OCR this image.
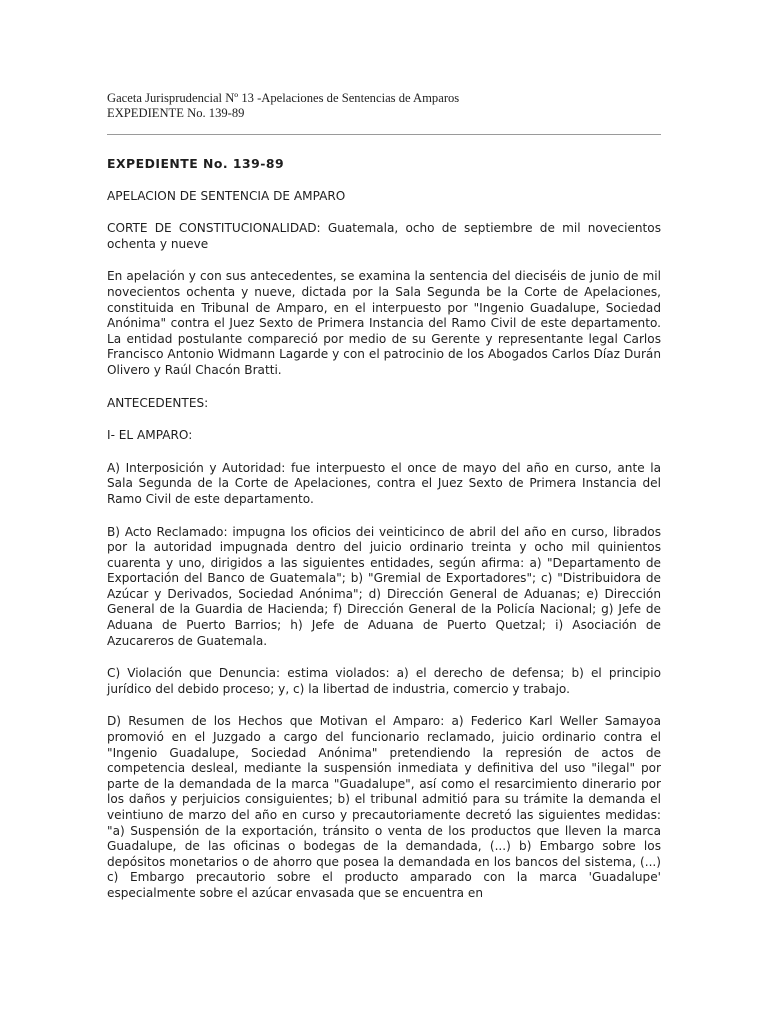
Gaceta Jurisprudencial Nº 13 -Apelaciones de Sentencias de Amparos
EXPEDIENTE No. 139-89

EXPEDIENTE No. 139-89

APELACION DE SENTENCIA DE AMPARO

CORTE DE CONSTITUCIONALIDAD: Guatemala, ocho de septiembre de mil novecientos ochenta y nueve

En apelación y con sus antecedentes, se examina la sentencia del dieciséis de junio de mil novecientos ochenta y nueve, dictada por la Sala Segunda be la Corte de Apelaciones, constituida en Tribunal de Amparo, en el interpuesto por "Ingenio Guadalupe, Sociedad Anónima" contra el Juez Sexto de Primera Instancia del Ramo Civil de este departamento. La entidad postulante compareció por medio de su Gerente y representante legal Carlos Francisco Antonio Widmann Lagarde y con el patrocinio de los Abogados Carlos Díaz Durán Olivero y Raúl Chacón Bratti.

ANTECEDENTES:

I- EL AMPARO:

A) Interposición y Autoridad: fue interpuesto el once de mayo del año en curso, ante la Sala Segunda de la Corte de Apelaciones, contra el Juez Sexto de Primera Instancia del Ramo Civil de este departamento.

B) Acto Reclamado: impugna los oficios dei veinticinco de abril del año en curso, librados por la autoridad impugnada dentro del juicio ordinario treinta y ocho mil quinientos cuarenta y uno, dirigidos a las siguientes entidades, según afirma: a) "Departamento de Exportación del Banco de Guatemala"; b) "Gremial de Exportadores"; c) "Distribuidora de Azúcar y Derivados, Sociedad Anónima"; d) Dirección General de Aduanas; e) Dirección General de la Guardia de Hacienda; f) Dirección General de la Policía Nacional; g) Jefe de Aduana de Puerto Barrios; h) Jefe de Aduana de Puerto Quetzal; i) Asociación de Azucareros de Guatemala.

C) Violación que Denuncia: estima violados: a) el derecho de defensa; b) el principio jurídico del debido proceso; y, c) la libertad de industria, comercio y trabajo.

D) Resumen de los Hechos que Motivan el Amparo: a) Federico Karl Weller Samayoa promovió en el Juzgado a cargo del funcionario reclamado, juicio ordinario contra el "Ingenio Guadalupe, Sociedad Anónima" pretendiendo la represión de actos de competencia desleal, mediante la suspensión inmediata y definitiva del uso "ilegal" por parte de la demandada de la marca "Guadalupe", así como el resarcimiento dinerario por los daños y perjuicios consiguientes; b) el tribunal admitió para su trámite la demanda el veintiuno de marzo del año en curso y precautoriamente decretó las siguientes medidas: "a) Suspensión de la exportación, tránsito o venta de los productos que lleven la marca Guadalupe, de las oficinas o bodegas de la demandada, (...) b) Embargo sobre los depósitos monetarios o de ahorro que posea la demandada en los bancos del sistema, (...) c) Embargo precautorio sobre el producto amparado con la marca 'Guadalupe' especialmente sobre el azúcar envasada que se encuentra en
